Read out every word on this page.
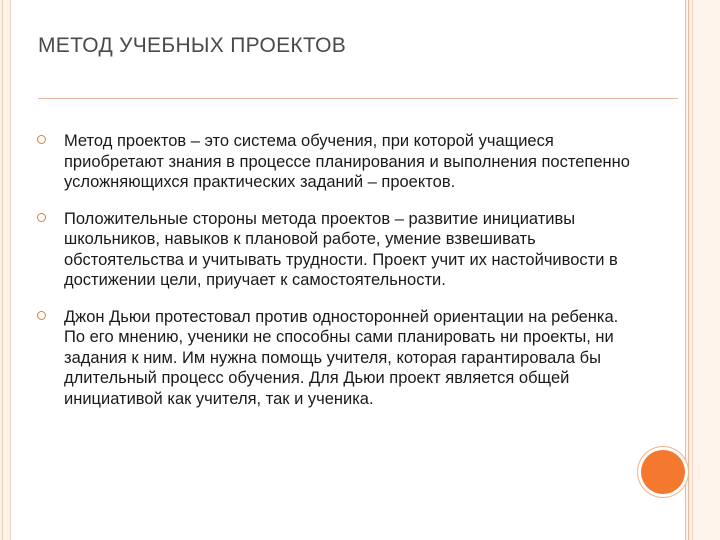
МЕТОД УЧЕБНЫХ ПРОЕКТОВ
Метод проектов – это система обучения, при которой учащиеся приобретают знания в процессе планирования и выполнения постепенно усложняющихся практических заданий – проектов.
Положительные стороны метода проектов – развитие инициативы школьников, навыков к плановой работе, умение взвешивать обстоятельства и учитывать трудности. Проект учит их настойчивости в достижении цели, приучает к самостоятельности.
Джон Дьюи протестовал против односторонней ориентации на ребенка. По его мнению, ученики не способны сами планировать ни проекты, ни задания к ним. Им нужна помощь учителя, которая гарантировала бы длительный процесс обучения. Для Дьюи проект является общей инициативой как учителя, так и ученика.
